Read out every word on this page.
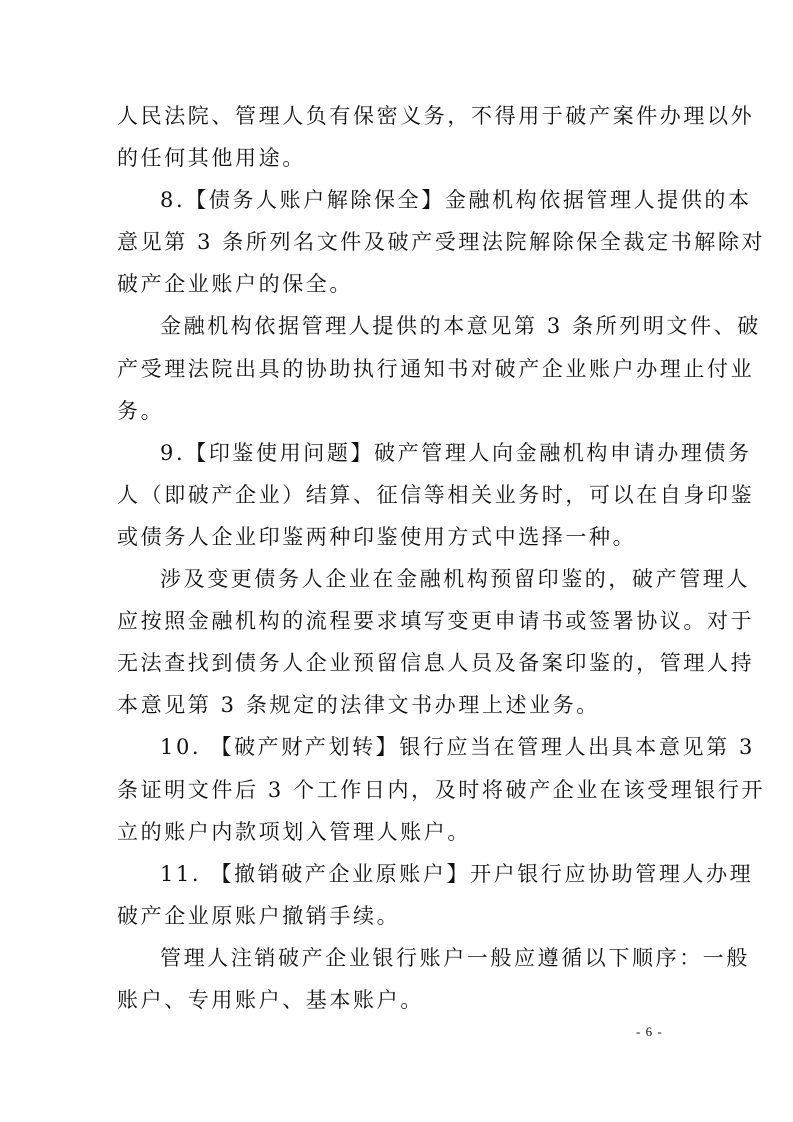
人民法院、管理人负有保密义务，不得用于破产案件办理以外
的任何其他用途。
8.【债务人账户解除保全】金融机构依据管理人提供的本
意见第 3 条所列名文件及破产受理法院解除保全裁定书解除对
破产企业账户的保全。
金融机构依据管理人提供的本意见第 3 条所列明文件、破
产受理法院出具的协助执行通知书对破产企业账户办理止付业
务。
9.【印鉴使用问题】破产管理人向金融机构申请办理债务
人（即破产企业）结算、征信等相关业务时，可以在自身印鉴
或债务人企业印鉴两种印鉴使用方式中选择一种。
涉及变更债务人企业在金融机构预留印鉴的，破产管理人
应按照金融机构的流程要求填写变更申请书或签署协议。对于
无法查找到债务人企业预留信息人员及备案印鉴的，管理人持
本意见第 3 条规定的法律文书办理上述业务。
10. 【破产财产划转】银行应当在管理人出具本意见第 3
条证明文件后 3 个工作日内，及时将破产企业在该受理银行开
立的账户内款项划入管理人账户。
11. 【撤销破产企业原账户】开户银行应协助管理人办理
破产企业原账户撤销手续。
管理人注销破产企业银行账户一般应遵循以下顺序：一般
账户、专用账户、基本账户。
- 6 -
